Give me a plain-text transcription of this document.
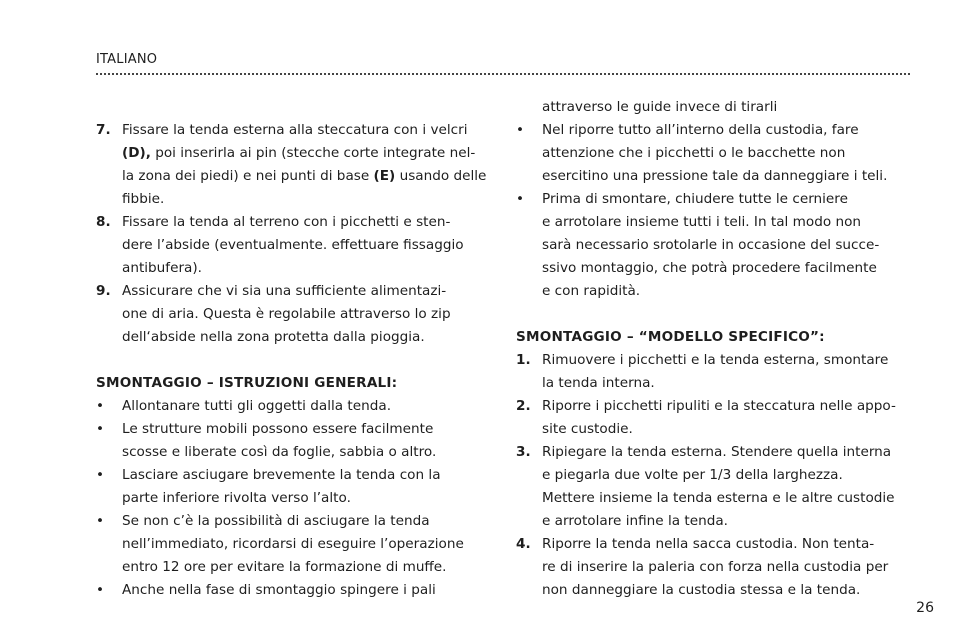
ITALIANO
7. Fissare la tenda esterna alla steccatura con i velcri
(D), poi inserirla ai pin (stecche corte integrate nel-
la zona dei piedi) e nei punti di base (E) usando delle
fibbie.
8. Fissare la tenda al terreno con i picchetti e sten-
dere l’abside (eventualmente. effettuare fissaggio
antibufera).
9. Assicurare che vi sia una sufficiente alimentazi-
one di aria. Questa è regolabile attraverso lo zip
dell‘abside nella zona protetta dalla pioggia.
SMONTAGGIO – ISTRUZIONI GENERALI:
•	Allontanare tutti gli oggetti dalla tenda.
•	Le strutture mobili possono essere facilmente
scosse e liberate così da foglie, sabbia o altro.
•	Lasciare asciugare brevemente la tenda con la
parte inferiore rivolta verso l’alto.
•	Se non c’è la possibilità di asciugare la tenda
nell’immediato, ricordarsi di eseguire l’operazione
entro 12 ore per evitare la formazione di muffe.
•	Anche nella fase di smontaggio spingere i pali
attraverso le guide invece di tirarli
•	Nel riporre tutto all’interno della custodia, fare
attenzione che i picchetti o le bacchette non
esercitino una pressione tale da danneggiare i teli.
•	Prima di smontare, chiudere tutte le cerniere
e arrotolare insieme tutti i teli. In tal modo non
sarà necessario srotolarle in occasione del succe-
ssivo montaggio, che potrà procedere facilmente
e con rapidità.
SMONTAGGIO – “MODELLO SPECIFICO”:
1. Rimuovere i picchetti e la tenda esterna, smontare
la tenda interna.
2. Riporre i picchetti ripuliti e la steccatura nelle appo-
site custodie.
3. Ripiegare la tenda esterna. Stendere quella interna
e piegarla due volte per 1/3 della larghezza.
Mettere insieme la tenda esterna e le altre custodie
e arrotolare infine la tenda.
4. Riporre la tenda nella sacca custodia. Non tenta-
re di inserire la paleria con forza nella custodia per
non danneggiare la custodia stessa e la tenda.
26
